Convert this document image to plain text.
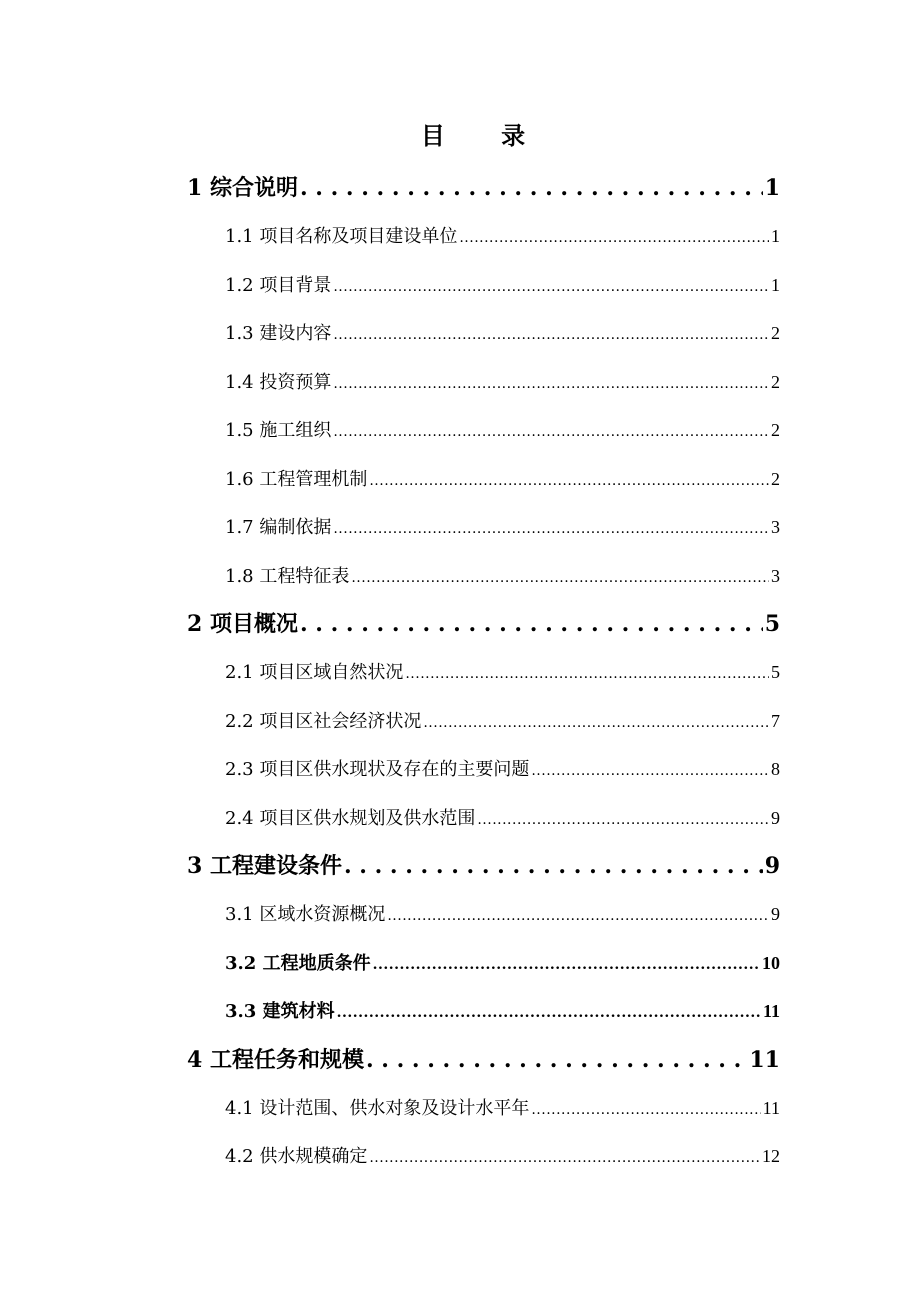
目 录
1 综合说明 . . .	1
1.1 项目名称及项目建设单位 .....	1
1.2 项目背景 .....	1
1.3 建设内容 .....	2
1.4 投资预算 .....	2
1.5 施工组织 .....	2
1.6 工程管理机制 .....	2
1.7 编制依据 .....	3
1.8 工程特征表 .....	3
2 项目概况 . . .	5
2.1 项目区域自然状况 .....	5
2.2 项目区社会经济状况 .....	7
2.3 项目区供水现状及存在的主要问题 .....	8
2.4 项目区供水规划及供水范围 .....	9
3 工程建设条件 . . .	9
3.1 区域水资源概况 .....	9
3.2 工程地质条件 .....	10
3.3 建筑材料 .....	11
4 工程任务和规模 . . .	11
4.1 设计范围、供水对象及设计水平年 .....	11
4.2 供水规模确定 .....	12
